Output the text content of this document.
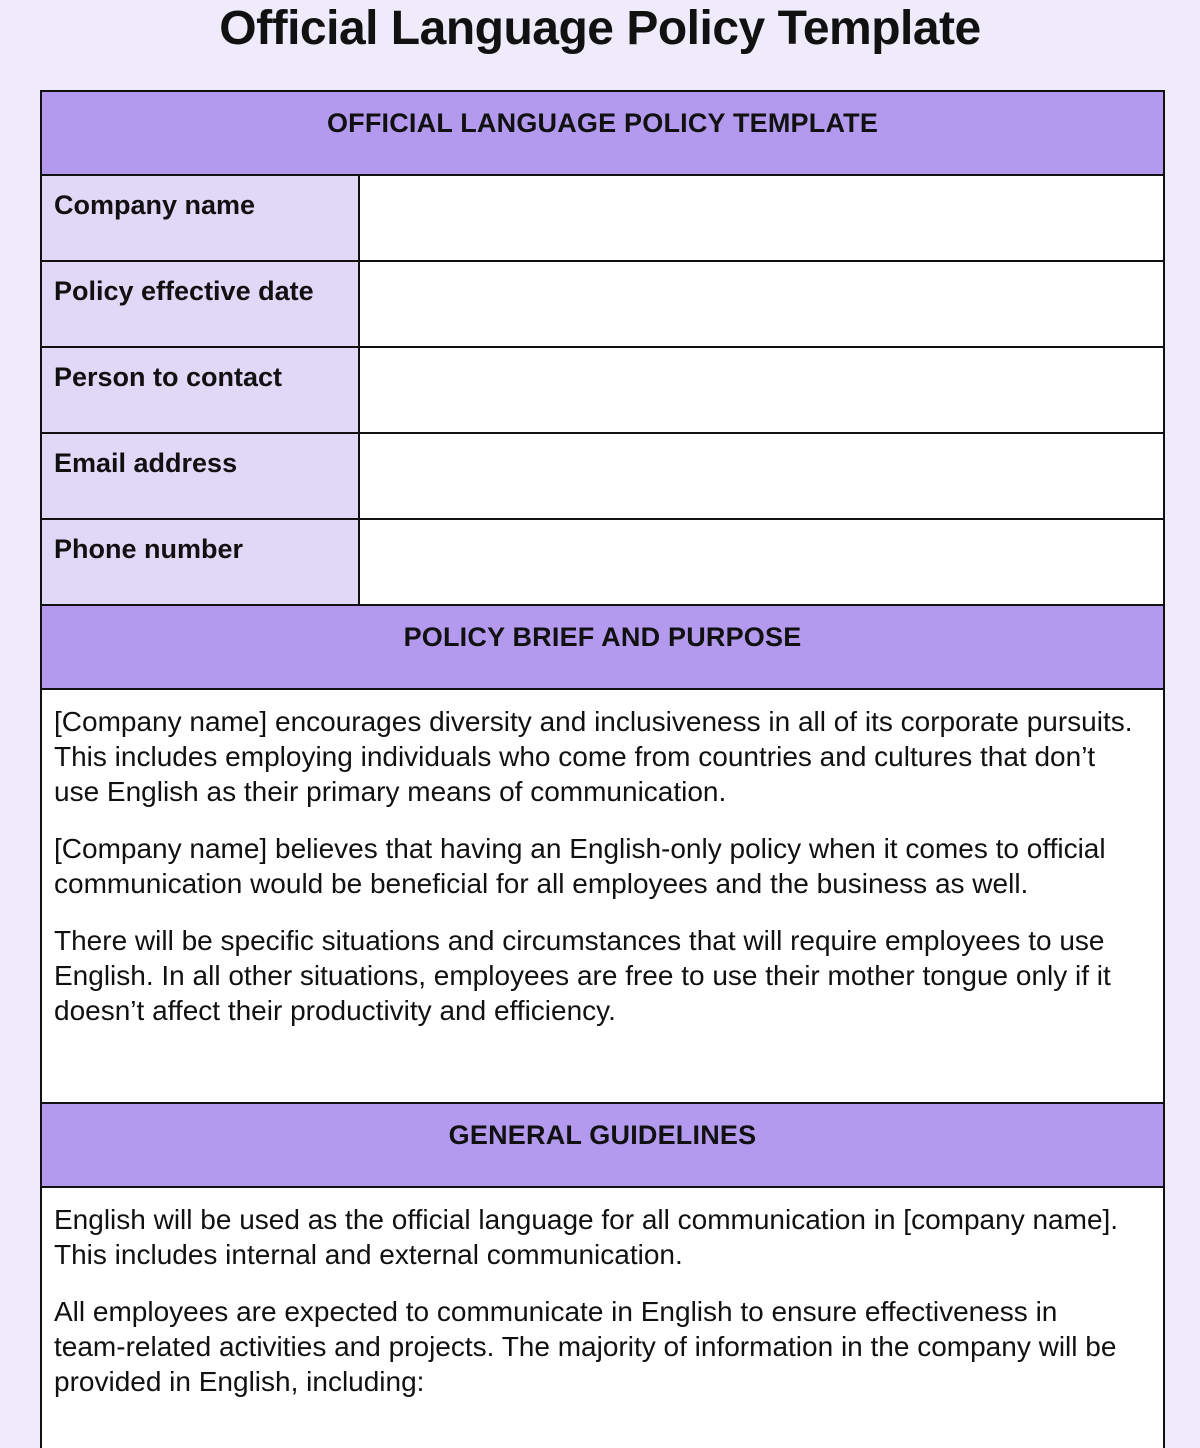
Official Language Policy Template
OFFICIAL LANGUAGE POLICY TEMPLATE
Company name
Policy effective date
Person to contact
Email address
Phone number
POLICY BRIEF AND PURPOSE

[Company name] encourages diversity and inclusiveness in all of its corporate pursuits. This includes employing individuals who come from countries and cultures that don’t use English as their primary means of communication.

[Company name] believes that having an English-only policy when it comes to official communication would be beneficial for all employees and the business as well.

There will be specific situations and circumstances that will require employees to use English. In all other situations, employees are free to use their mother tongue only if it doesn’t affect their productivity and efficiency.

GENERAL GUIDELINES

English will be used as the official language for all communication in [company name]. This includes internal and external communication.

All employees are expected to communicate in English to ensure effectiveness in team-related activities and projects. The majority of information in the company will be provided in English, including:
